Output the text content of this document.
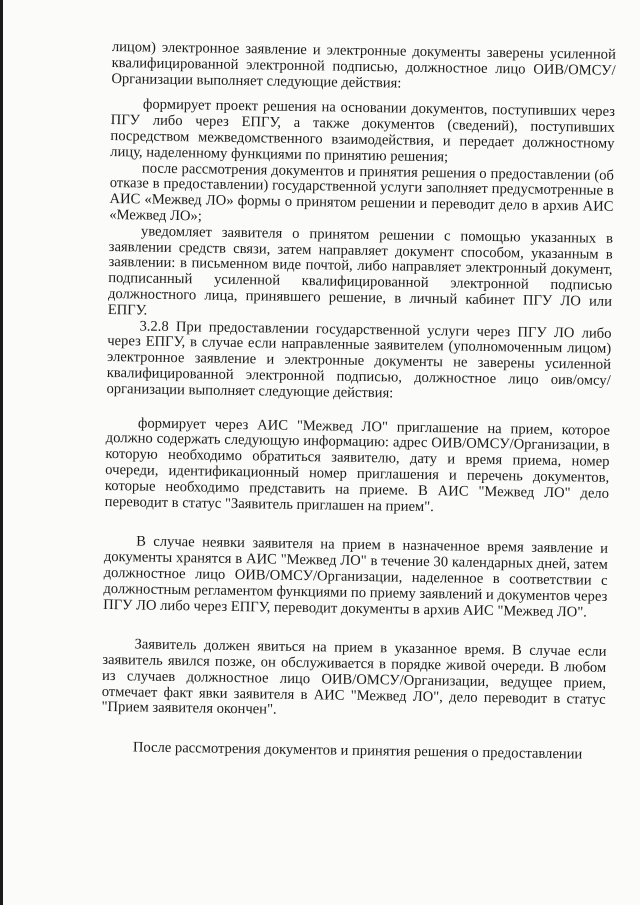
лицом) электронное заявление и электронные документы заверены усиленной квалифицированной электронной подписью, должностное лицо ОИВ/ОМСУ/Организации выполняет следующие действия:

формирует проект решения на основании документов, поступивших через ПГУ либо через ЕПГУ, а также документов (сведений), поступивших посредством межведомственного взаимодействия, и передает должностному лицу, наделенному функциями по принятию решения;

после рассмотрения документов и принятия решения о предоставлении (об отказе в предоставлении) государственной услуги заполняет предусмотренные в АИС «Межвед ЛО» формы о принятом решении и переводит дело в архив АИС «Межвед ЛО»;

уведомляет заявителя о принятом решении с помощью указанных в заявлении средств связи, затем направляет документ способом, указанным в заявлении: в письменном виде почтой, либо направляет электронный документ, подписанный усиленной квалифицированной электронной подписью должностного лица, принявшего решение, в личный кабинет ПГУ ЛО или ЕПГУ.

3.2.8 При предоставлении государственной услуги через ПГУ ЛО либо через ЕПГУ, в случае если направленные заявителем (уполномоченным лицом) электронное заявление и электронные документы не заверены усиленной квалифицированной электронной подписью, должностное лицо оив/омсу/организации выполняет следующие действия:

формирует через АИС "Межвед ЛО" приглашение на прием, которое должно содержать следующую информацию: адрес ОИВ/ОМСУ/Организации, в которую необходимо обратиться заявителю, дату и время приема, номер очереди, идентификационный номер приглашения и перечень документов, которые необходимо представить на приеме. В АИС "Межвед ЛО" дело переводит в статус "Заявитель приглашен на прием".

В случае неявки заявителя на прием в назначенное время заявление и документы хранятся в АИС "Межвед ЛО" в течение 30 календарных дней, затем должностное лицо ОИВ/ОМСУ/Организации, наделенное в соответствии с должностным регламентом функциями по приему заявлений и документов через ПГУ ЛО либо через ЕПГУ, переводит документы в архив АИС "Межвед ЛО".

Заявитель должен явиться на прием в указанное время. В случае если заявитель явился позже, он обслуживается в порядке живой очереди. В любом из случаев должностное лицо ОИВ/ОМСУ/Организации, ведущее прием, отмечает факт явки заявителя в АИС "Межвед ЛО", дело переводит в статус "Прием заявителя окончен".

После рассмотрения документов и принятия решения о предоставлении
